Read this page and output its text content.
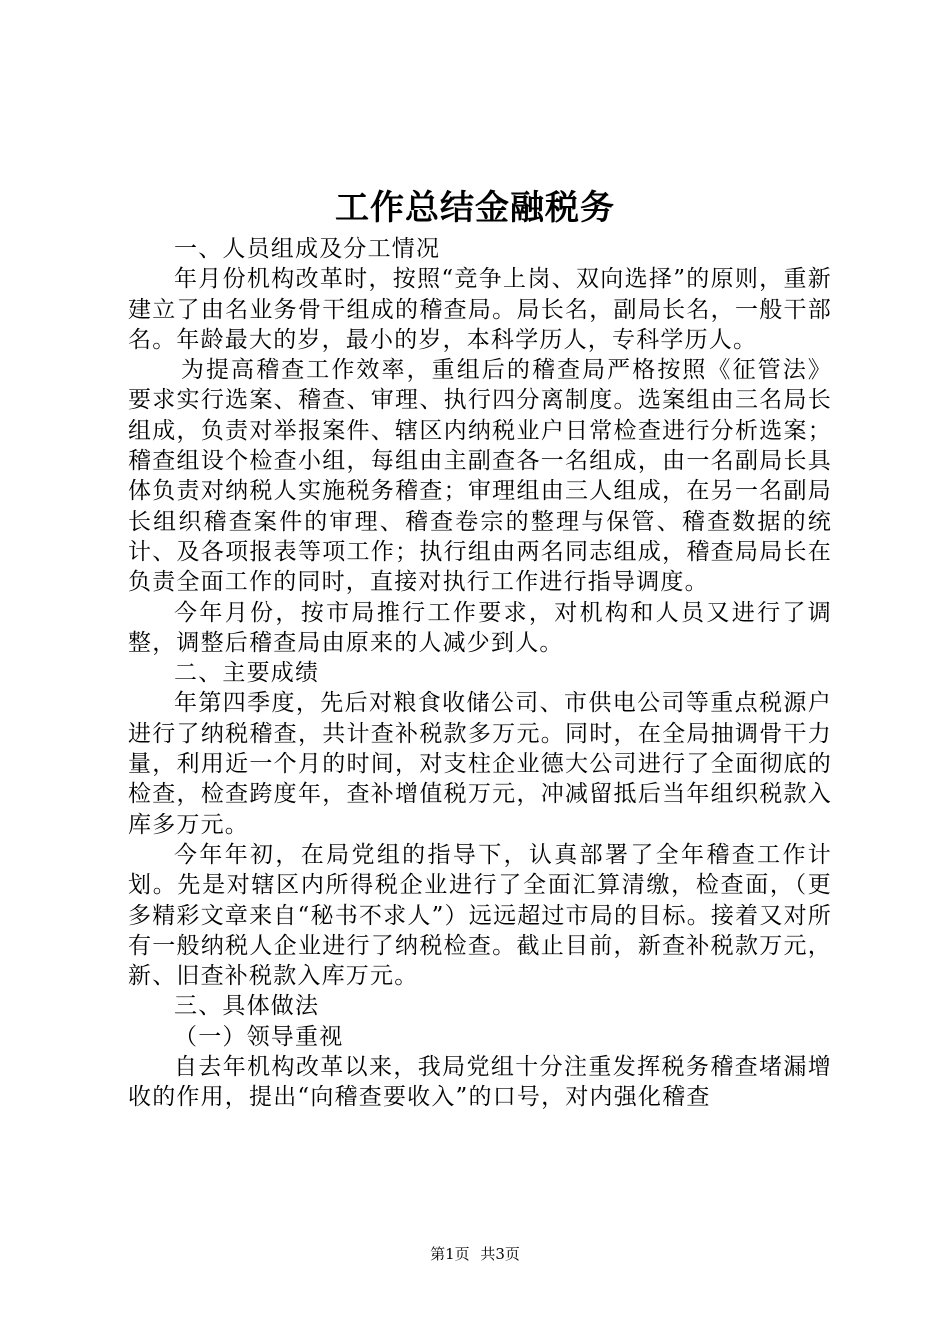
工作总结金融税务

一、人员组成及分工情况

年月份机构改革时，按照“竞争上岗、双向选择”的原则，重新建立了由名业务骨干组成的稽查局。局长名，副局长名，一般干部名。年龄最大的岁，最小的岁，本科学历人，专科学历人。

为提高稽查工作效率，重组后的稽查局严格按照《征管法》要求实行选案、稽查、审理、执行四分离制度。选案组由三名局长组成，负责对举报案件、辖区内纳税业户日常检查进行分析选案；稽查组设个检查小组，每组由主副查各一名组成，由一名副局长具体负责对纳税人实施税务稽查；审理组由三人组成，在另一名副局长组织稽查案件的审理、稽查卷宗的整理与保管、稽查数据的统计、及各项报表等项工作；执行组由两名同志组成，稽查局局长在负责全面工作的同时，直接对执行工作进行指导调度。

今年月份，按市局推行工作要求，对机构和人员又进行了调整，调整后稽查局由原来的人减少到人。

二、主要成绩

年第四季度，先后对粮食收储公司、市供电公司等重点税源户进行了纳税稽查，共计查补税款多万元。同时，在全局抽调骨干力量，利用近一个月的时间，对支柱企业德大公司进行了全面彻底的检查，检查跨度年，查补增值税万元，冲减留抵后当年组织税款入库多万元。

今年年初，在局党组的指导下，认真部署了全年稽查工作计划。先是对辖区内所得税企业进行了全面汇算清缴，检查面，（更多精彩文章来自“秘书不求人”）远远超过市局的目标。接着又对所有一般纳税人企业进行了纳税检查。截止目前，新查补税款万元，新、旧查补税款入库万元。

三、具体做法

（一）领导重视

自去年机构改革以来，我局党组十分注重发挥税务稽查堵漏增收的作用，提出“向稽查要收入”的口号，对内强化稽查

第1页 共3页
